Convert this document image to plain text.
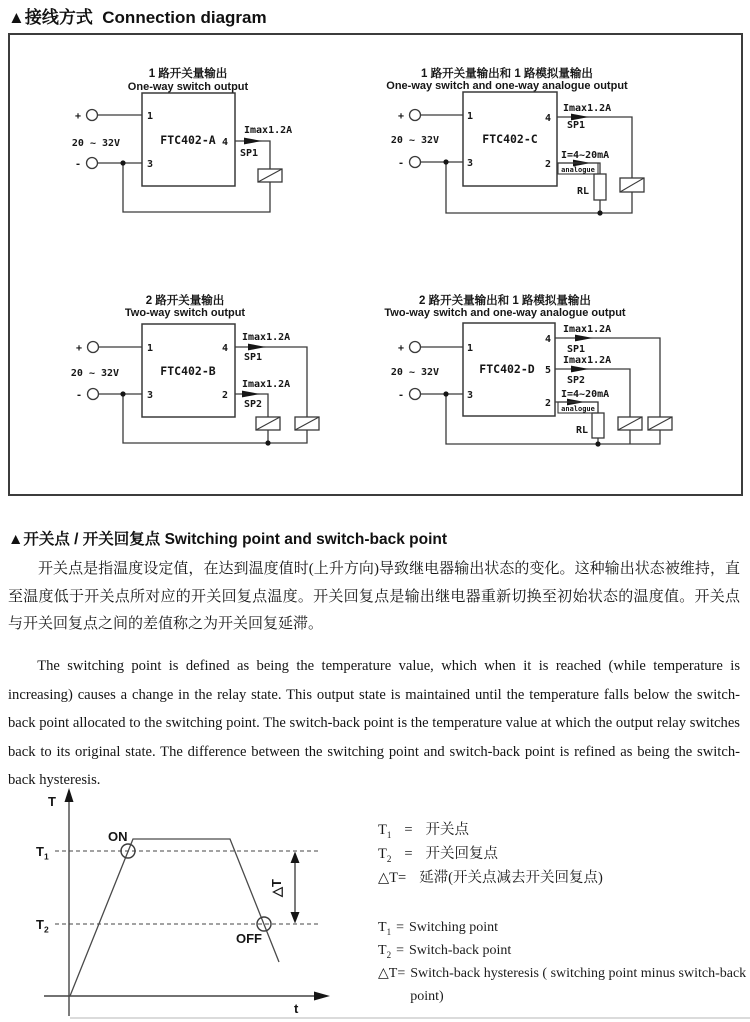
▲接线方式  Connection diagram
1 路开关量输出
One-way switch output
FTC402-A
1
3
4
+
-
20 ~ 32V
Imax1.2A
SP1
1 路开关量输出和 1 路模拟量输出
One-way switch and one-way analogue output
FTC402-C
1
3
4
2
+
-
20 ~ 32V
Imax1.2A
SP1
I=4~20mA
analogue
RL
2 路开关量输出
Two-way switch output
FTC402-B
1
3
4
2
+
-
20 ~ 32V
Imax1.2A
SP1
Imax1.2A
SP2
2 路开关量输出和 1 路模拟量输出
Two-way switch and one-way analogue output
FTC402-D
1
3
4
5
2
+
-
20 ~ 32V
Imax1.2A
SP1
Imax1.2A
SP2
I=4~20mA
analogue
RL
▲开关点 / 开关回复点 Switching point and switch-back point
开关点是指温度设定值，在达到温度值时(上升方向)导致继电器输出状态的变化。这种输出状态被维持，直至温度低于开关点所对应的开关回复点温度。开关回复点是输出继电器重新切换至初始状态的温度值。开关点与开关回复点之间的差值称之为开关回复延滞。
The switching point is defined as being the temperature value, which when it is reached (while temperature is increasing) causes a change in the relay state. This output state is maintained until the temperature falls below the switch-back point allocated to the switching point. The switch-back point is the temperature value at which the output relay switches back to its original state. The difference between the switching point and switch-back point is refined as being the switch-back hysteresis.
T
t
$T_1$
$T_2$
ON
OFF
△T
$T_1$ = 开关点
$T_2$ = 开关回复点
△T= 延滞(开关点减去开关回复点)
$T_1$ = Switching point
$T_2$ = Switch-back point
△T= Switch-back hysteresis ( switching point minus switch-back point)
